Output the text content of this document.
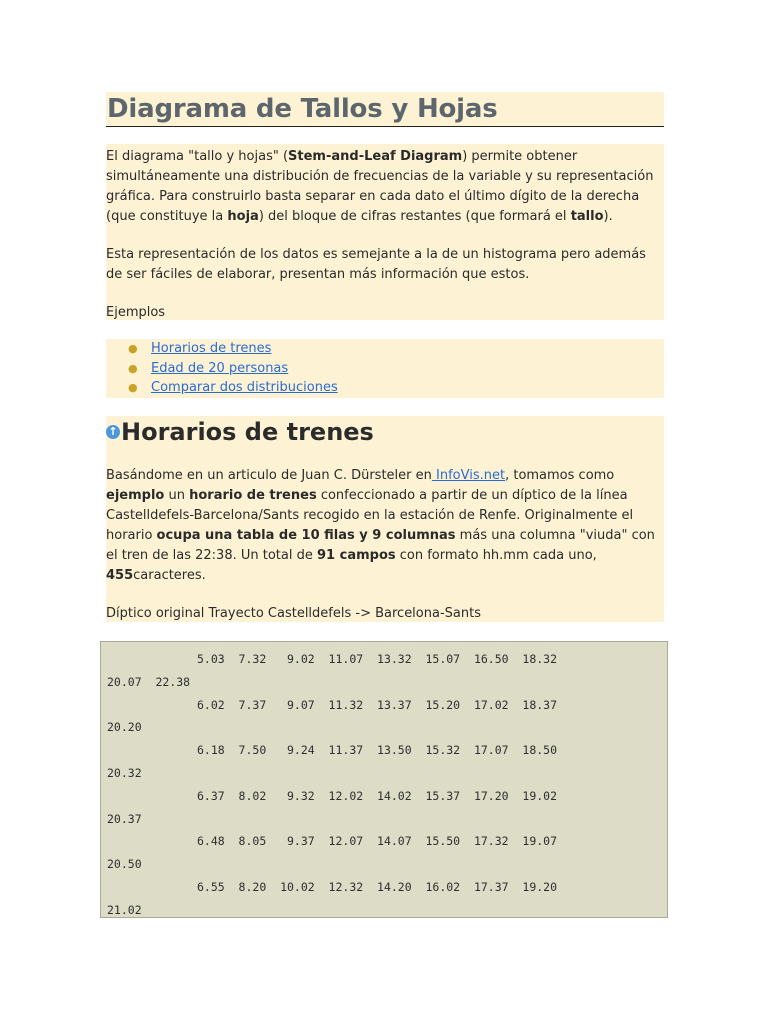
Diagrama de Tallos y Hojas

El diagrama "tallo y hojas" (Stem-and-Leaf Diagram) permite obtener simultáneamente una distribución de frecuencias de la variable y su representación gráfica. Para construirlo basta separar en cada dato el último dígito de la derecha (que constituye la hoja) del bloque de cifras restantes (que formará el tallo).

Esta representación de los datos es semejante a la de un histograma pero además de ser fáciles de elaborar, presentan más información que estos.

Ejemplos

● Horarios de trenes
● Edad de 20 personas
● Comparar dos distribuciones
↑ Horarios de trenes

Basándome en un articulo de Juan C. Dürsteler en InfoVis.net, tomamos como ejemplo un horario de trenes confeccionado a partir de un díptico de la línea Castelldefels-Barcelona/Sants recogido en la estación de Renfe. Originalmente el horario ocupa una tabla de 10 filas y 9 columnas más una columna "viuda" con el tren de las 22:38. Un total de 91 campos con formato hh.mm cada uno, 455caracteres.

Díptico original Trayecto Castelldefels -> Barcelona-Sants

5.03  7.32   9.02  11.07  13.32  15.07  16.50  18.32
20.07  22.38
6.02  7.37   9.07  11.32  13.37  15.20  17.02  18.37
20.20
6.18  7.50   9.24  11.37  13.50  15.32  17.07  18.50
20.32
6.37  8.02   9.32  12.02  14.02  15.37  17.20  19.02
20.37
6.48  8.05   9.37  12.07  14.07  15.50  17.32  19.07
20.50
6.55  8.20  10.02  12.32  14.20  16.02  17.37  19.20
21.02
